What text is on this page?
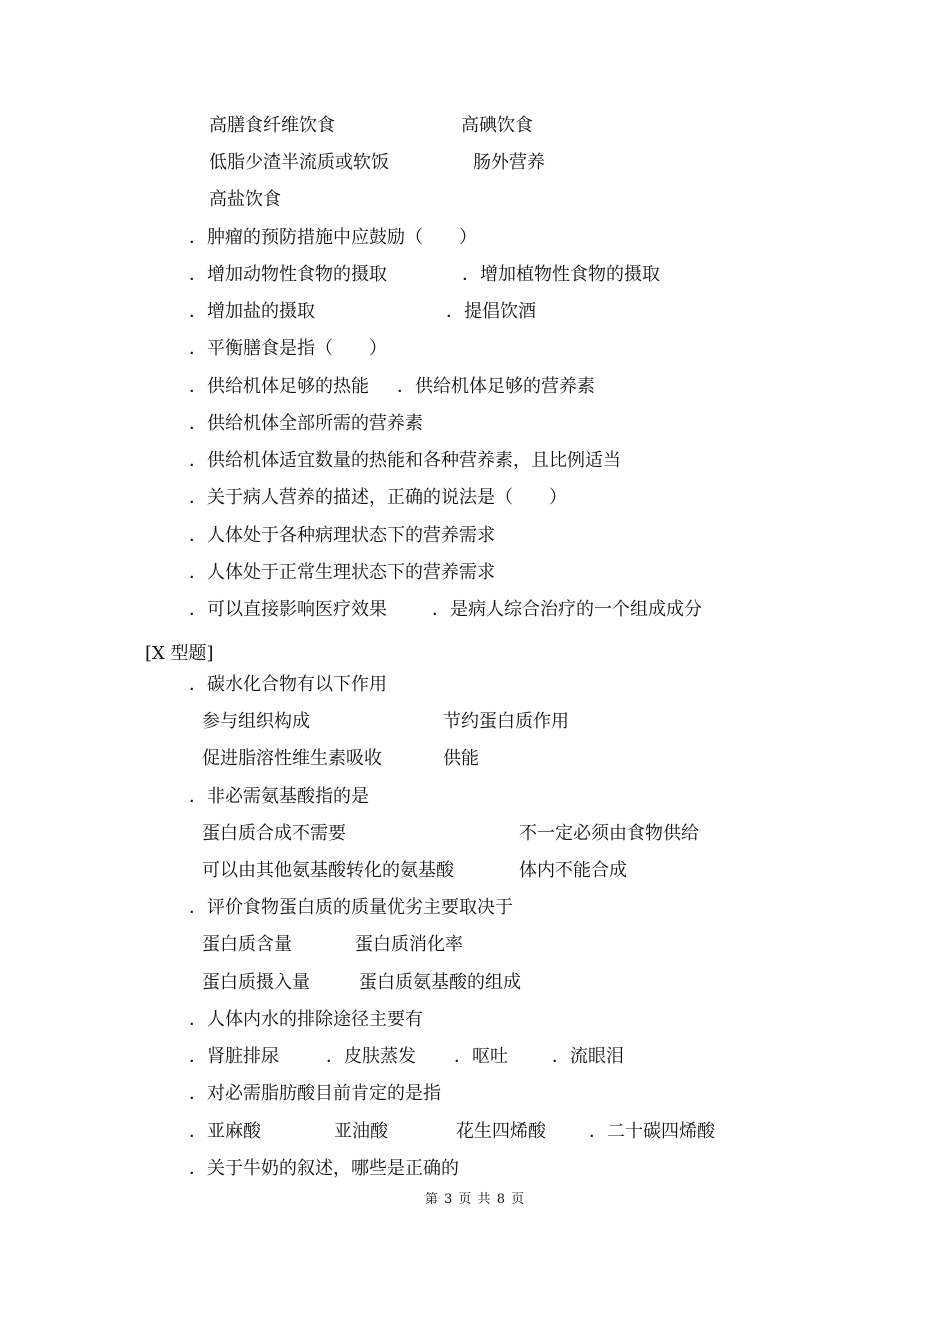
高膳食纤维饮食	高碘饮食
低脂少渣半流质或软饭	肠外营养
高盐饮食
．肿瘤的预防措施中应鼓励（　　）
．增加动物性食物的摄取	．增加植物性食物的摄取
．增加盐的摄取	．提倡饮酒
．平衡膳食是指（　　）
．供给机体足够的热能 ．供给机体足够的营养素
．供给机体全部所需的营养素
．供给机体适宜数量的热能和各种营养素，且比例适当
．关于病人营养的描述，正确的说法是（　　）
．人体处于各种病理状态下的营养需求
．人体处于正常生理状态下的营养需求
．可以直接影响医疗效果	．是病人综合治疗的一个组成成分
[X 型题]
．碳水化合物有以下作用
参与组织构成	节约蛋白质作用
促进脂溶性维生素吸收	供能
．非必需氨基酸指的是
蛋白质合成不需要	不一定必须由食物供给
可以由其他氨基酸转化的氨基酸	体内不能合成
．评价食物蛋白质的质量优劣主要取决于
蛋白质含量	蛋白质消化率
蛋白质摄入量	蛋白质氨基酸的组成
．人体内水的排除途径主要有
．肾脏排尿	．皮肤蒸发 ．呕吐 ．流眼泪
．对必需脂肪酸目前肯定的是指
．亚麻酸	亚油酸	花生四烯酸 ．二十碳四烯酸
．关于牛奶的叙述，哪些是正确的
第 3 页 共 8 页
